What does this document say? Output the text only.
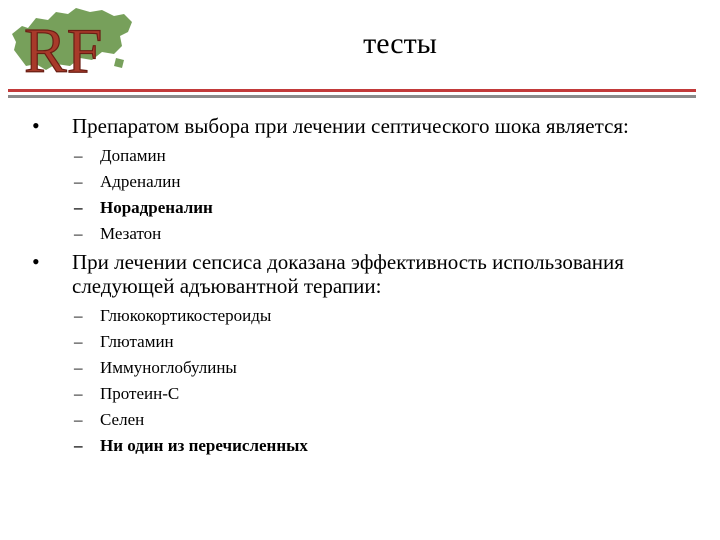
RF	тесты
• Препаратом выбора при лечении септического шока является:
– Допамин
– Адреналин
– Норадреналин
– Мезатон
• При лечении сепсиса доказана эффективность использования следующей адъювантной терапии:
– Глюкокортикостероиды
– Глютамин
– Иммуноглобулины
– Протеин-С
– Селен
– Ни один из перечисленных
